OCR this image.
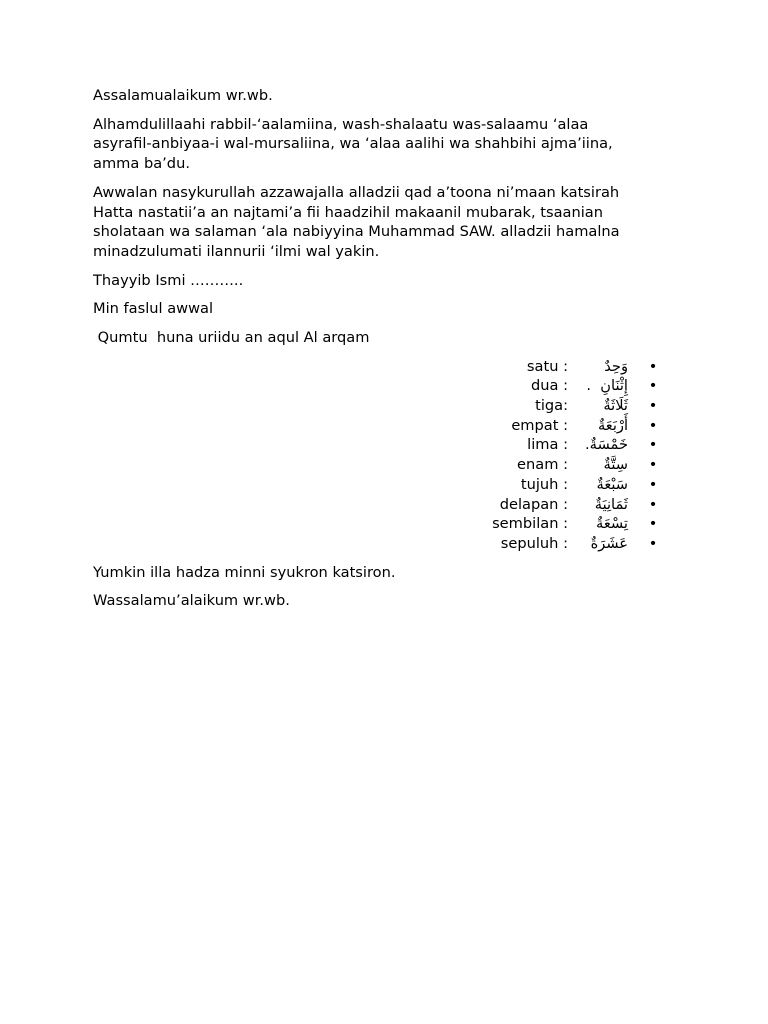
Assalamualaikum wr.wb.

Alhamdulillaahi rabbil-‘aalamiina, wash-shalaatu was-salaamu ‘alaa
asyrafil-anbiyaa-i wal-mursaliina, wa ‘alaa aalihi wa shahbihi ajma’iina,
amma ba’du.

Awwalan nasykurullah azzawajalla alladzii qad a’toona ni’maan katsirah
Hatta nastatii’a an najtami’a fii haadzihil makaanil mubarak, tsaanian
sholataan wa salaman ‘ala nabiyyina Muhammad SAW. alladzii hamalna
minadzulumati ilannurii ‘ilmi wal yakin.

Thayyib Ismi ………..

Min faslul awwal

Qumtu  huna uriidu an aqul Al arqam

satu : وَحِدٌ •
dua : إِثْنَانِ  . •
tiga: ثَلَاثَةٌ •
empat : أَرْبَعَةٌ •
lima : خَمْسَةٌ. •
enam : سِتَّةٌ •
tujuh : سَبْعَةٌ •
delapan : ثَمَانِيَةٌ •
sembilan : تِسْعَةٌ •
sepuluh : عَشَرَةٌ •

Yumkin illa hadza minni syukron katsiron.

Wassalamu’alaikum wr.wb.
